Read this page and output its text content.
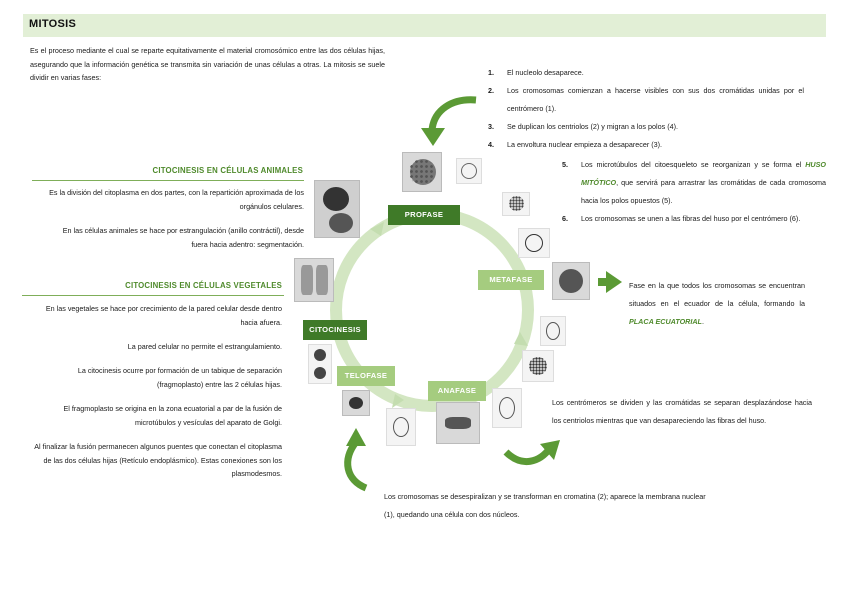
MITOSIS
Es el proceso mediante el cual se reparte equitativamente el material cromosómico entre las dos células hijas, asegurando que la información genética se transmita sin variación de unas células a otras. La mitosis se suele dividir en varias fases:
CITOCINESIS EN CÉLULAS ANIMALES
Es la división del citoplasma en dos partes, con la repartición aproximada de los orgánulos celulares.
En las células animales se hace por estrangulación (anillo contráctil), desde fuera hacia adentro: segmentación.
CITOCINESIS EN CÉLULAS VEGETALES
En las vegetales se hace por crecimiento de la pared celular desde dentro hacia afuera.
La pared celular no permite el estrangulamiento.
La citocinesis ocurre por formación de un tabique de separación (fragmoplasto) entre las 2 células hijas.
El fragmoplasto se origina en la zona ecuatorial a par de la fusión de microtúbulos y vesículas del aparato de Golgi.
Al finalizar la fusión permanecen algunos puentes que conectan el citoplasma de las dos células hijas (Retículo endoplásmico). Estas conexiones son los plasmodesmos.
1. El nucleolo desaparece.
2. Los cromosomas comienzan a hacerse visibles con sus dos cromátidas unidas por el centrómero (1).
3. Se duplican los centriolos (2) y migran a los polos (4).
4. La envoltura nuclear empieza a desaparecer (3).
5. Los microtúbulos del citoesqueleto se reorganizan y se forma el HUSO MITÓTICO, que servirá para arrastrar las cromátidas de cada cromosoma hacia los polos opuestos (5).
6. Los cromosomas se unen a las fibras del huso por el centrómero (6).
Fase en la que todos los cromosomas se encuentran situados en el ecuador de la célula, formando la PLACA ECUATORIAL.
Los centrómeros se dividen y las cromátidas se separan desplazándose hacia los centriolos mientras que van desapareciendo las fibras del huso.
Los cromosomas se desespiralizan y se transforman en cromatina (2); aparece la membrana nuclear (1), quedando una célula con dos núcleos.
PROFASE
METAFASE
ANAFASE
TELOFASE
CITOCINESIS
